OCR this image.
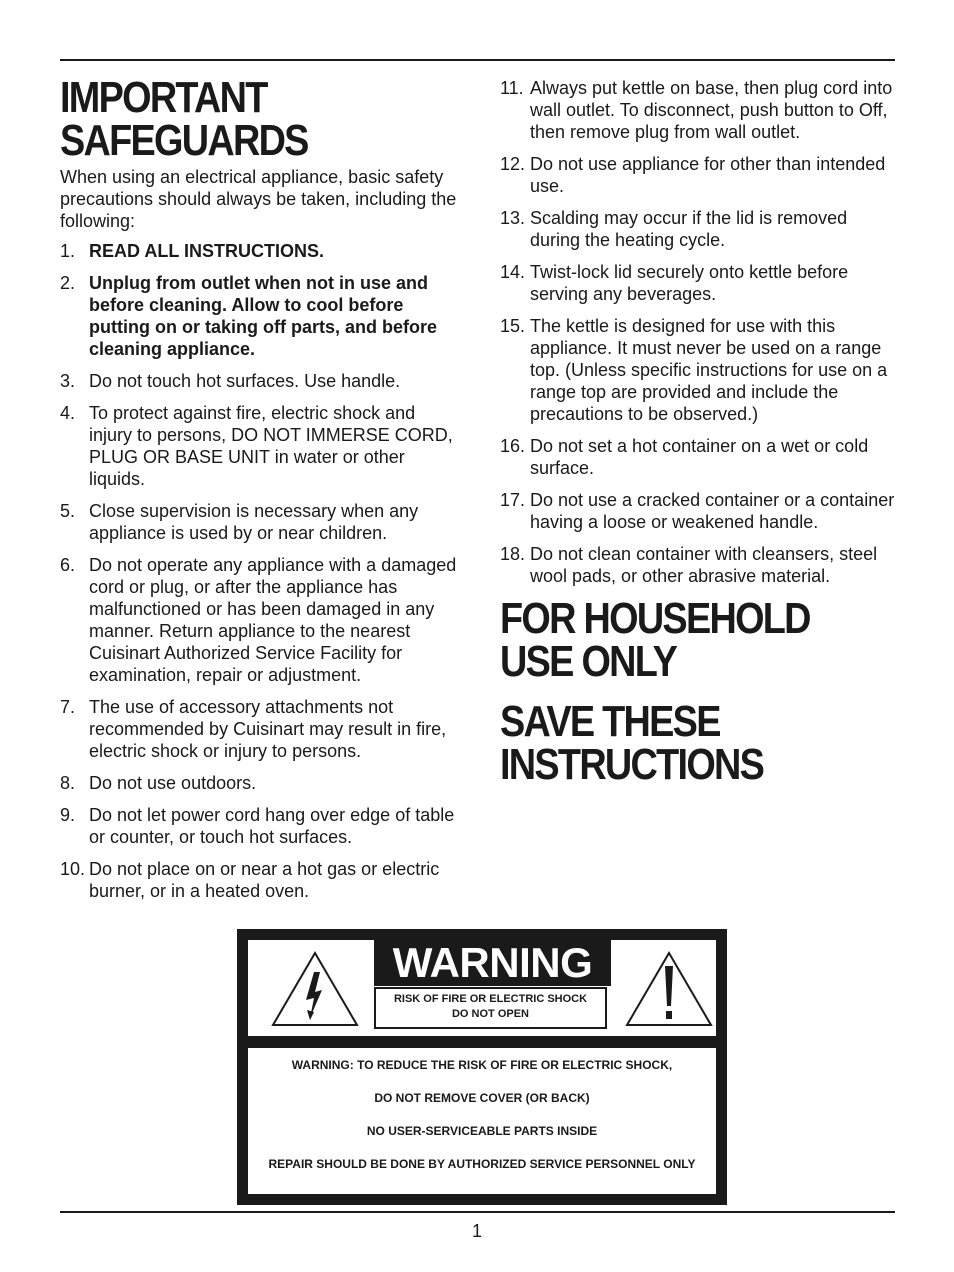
IMPORTANT
SAFEGUARDS

When using an electrical appliance, basic safety precautions should always be taken, including the following:

1. READ ALL INSTRUCTIONS.
2. Unplug from outlet when not in use and before cleaning. Allow to cool before putting on or taking off parts, and before cleaning appliance.
3. Do not touch hot surfaces. Use handle.
4. To protect against fire, electric shock and injury to persons, DO NOT IMMERSE CORD, PLUG OR BASE UNIT in water or other liquids.
5. Close supervision is necessary when any appliance is used by or near children.
6. Do not operate any appliance with a damaged cord or plug, or after the appliance has malfunctioned or has been damaged in any manner. Return appliance to the nearest Cuisinart Authorized Service Facility for examination, repair or adjustment.
7. The use of accessory attachments not recommended by Cuisinart may result in fire, electric shock or injury to persons.
8. Do not use outdoors.
9. Do not let power cord hang over edge of table or counter, or touch hot surfaces.
10. Do not place on or near a hot gas or electric burner, or in a heated oven.
11. Always put kettle on base, then plug cord into wall outlet. To disconnect, push button to Off, then remove plug from wall outlet.
12. Do not use appliance for other than intended use.
13. Scalding may occur if the lid is removed during the heating cycle.
14. Twist-lock lid securely onto kettle before serving any beverages.
15. The kettle is designed for use with this appliance. It must never be used on a range top. (Unless specific instructions for use on a range top are provided and include the precautions to be observed.)
16. Do not set a hot container on a wet or cold surface.
17. Do not use a cracked container or a container having a loose or weakened handle.
18. Do not clean container with cleansers, steel wool pads, or other abrasive material.
FOR HOUSEHOLD
USE ONLY
SAVE THESE
INSTRUCTIONS
WARNING
RISK OF FIRE OR ELECTRIC SHOCK
DO NOT OPEN
WARNING: TO REDUCE THE RISK OF FIRE OR ELECTRIC SHOCK,
DO NOT REMOVE COVER (OR BACK)
NO USER-SERVICEABLE PARTS INSIDE
REPAIR SHOULD BE DONE BY AUTHORIZED SERVICE PERSONNEL ONLY
1
